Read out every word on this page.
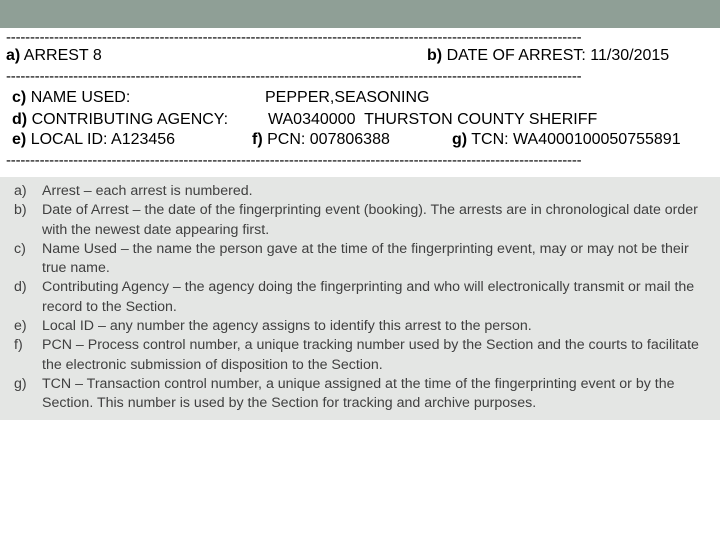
------------------------------------------------------------------------------------------------------------------------
a) ARREST 8	b) DATE OF ARREST: 11/30/2015
------------------------------------------------------------------------------------------------------------------------
c) NAME USED:	PEPPER,SEASONING
d) CONTRIBUTING AGENCY: WA0340000  THURSTON COUNTY SHERIFF
e) LOCAL ID: A123456	f) PCN: 007806388	g) TCN: WA4000100050755891
------------------------------------------------------------------------------------------------------------------------
a) Arrest – each arrest is numbered.
b) Date of Arrest – the date of the fingerprinting event (booking). The arrests are in chronological date order with the newest date appearing first.
c) Name Used – the name the person gave at the time of the fingerprinting event, may or may not be their true name.
d) Contributing Agency – the agency doing the fingerprinting and who will electronically transmit or mail the record to the Section.
e) Local ID – any number the agency assigns to identify this arrest to the person.
f) PCN – Process control number, a unique tracking number used by the Section and the courts to facilitate the electronic submission of disposition to the Section.
g) TCN – Transaction control number, a unique assigned at the time of the fingerprinting event or by the Section. This number is used by the Section for tracking and archive purposes.
